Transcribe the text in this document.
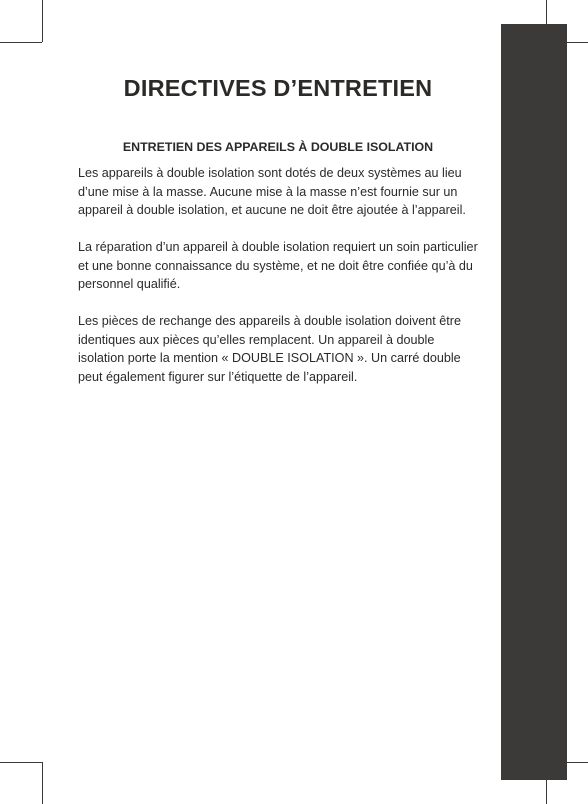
DIRECTIVES D’ENTRETIEN
ENTRETIEN DES APPAREILS À DOUBLE ISOLATION

Les appareils à double isolation sont dotés de deux systèmes au lieu d’une mise à la masse. Aucune mise à la masse n’est fournie sur un appareil à double isolation, et aucune ne doit être ajoutée à l’appareil.

La réparation d’un appareil à double isolation requiert un soin particulier et une bonne connaissance du système, et ne doit être confiée qu’à du personnel qualifié.

Les pièces de rechange des appareils à double isolation doivent être identiques aux pièces qu’elles remplacent. Un appareil à double isolation porte la mention « DOUBLE ISOLATION ». Un carré double peut également figurer sur l’étiquette de l’appareil.
